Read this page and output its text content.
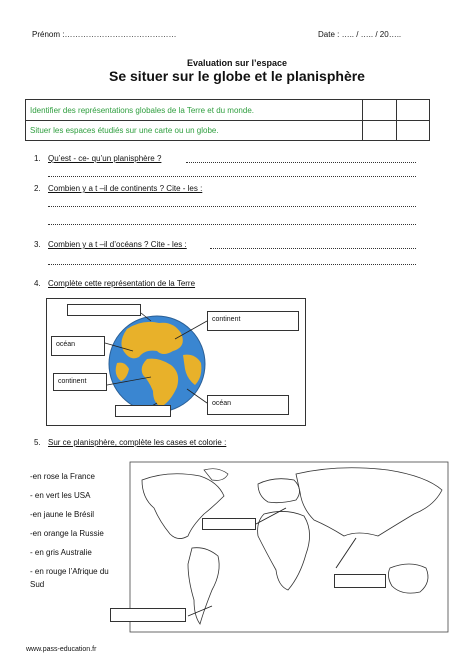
Prénom :……………………………………	Date : ….. / ….. / 20…..
Evaluation sur l’espace
Se situer sur le globe et le planisphère
Identifier des représentations globales de la Terre et du monde.
Situer les espaces étudiés sur une carte ou un globe.
1. Qu’est - ce- qu’un planisphère ?
2. Combien y a t –il de continents ? Cite - les :
3. Combien y a t –il d’océans ? Cite - les :
4. Complète cette représentation de la Terre
océan
continent
continent
océan
5. Sur ce planisphère, complète les cases et colorie :
-en rose la France
- en vert les USA
-en jaune le Brésil
-en orange la Russie
- en gris Australie
- en rouge l’Afrique du
Sud
www.pass-education.fr
